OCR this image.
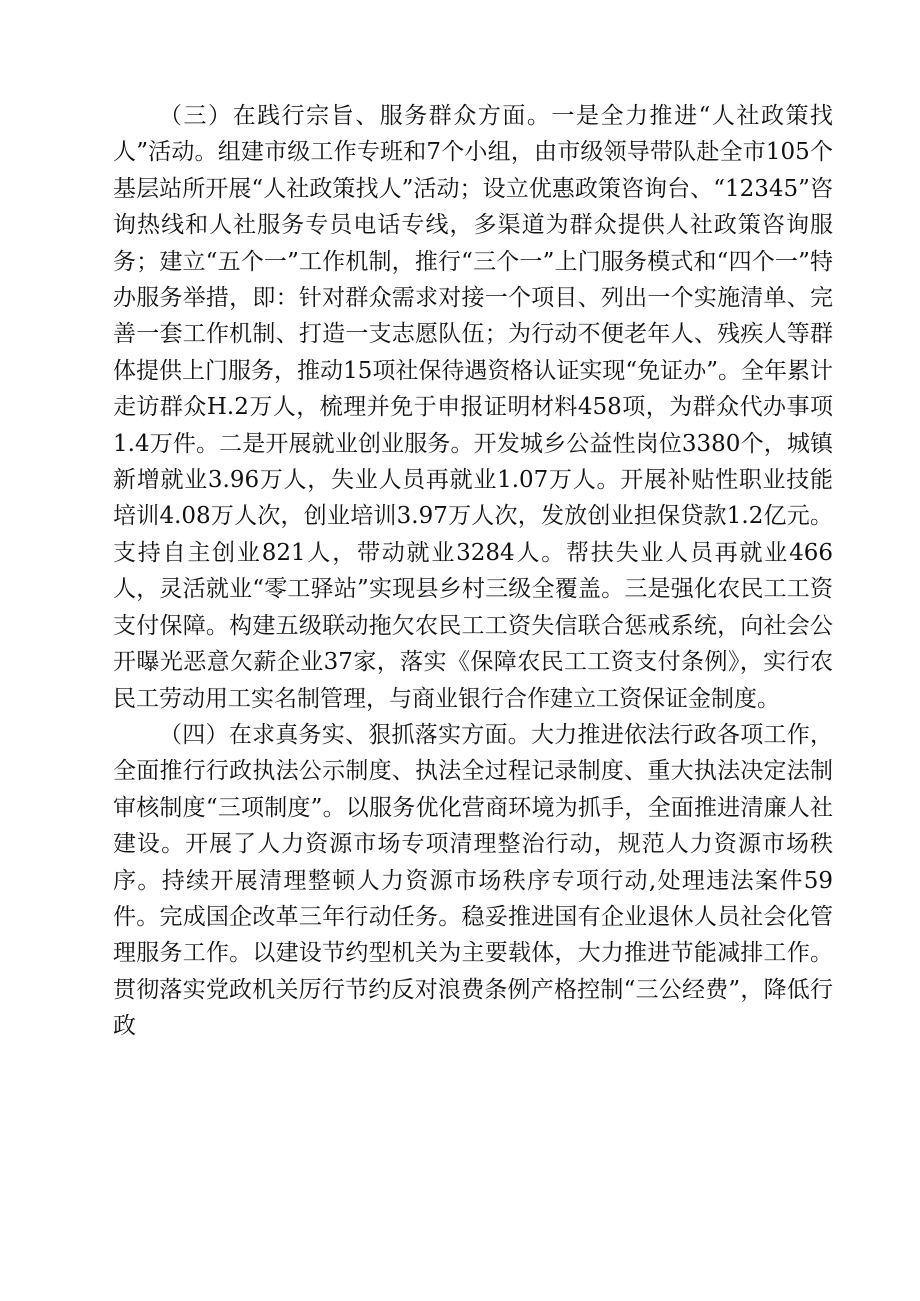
（三）在践行宗旨、服务群众方面。一是全力推进“人社政策找人”活动。组建市级工作专班和7个小组，由市级领导带队赴全市105个基层站所开展“人社政策找人”活动；设立优惠政策咨询台、“12345”咨询热线和人社服务专员电话专线，多渠道为群众提供人社政策咨询服务；建立“五个一”工作机制，推行“三个一”上门服务模式和“四个一”特办服务举措，即：针对群众需求对接一个项目、列出一个实施清单、完善一套工作机制、打造一支志愿队伍；为行动不便老年人、残疾人等群体提供上门服务，推动15项社保待遇资格认证实现“免证办”。全年累计走访群众H.2万人，梳理并免于申报证明材料458项，为群众代办事项1.4万件。二是开展就业创业服务。开发城乡公益性岗位3380个，城镇新增就业3.96万人，失业人员再就业1.07万人。开展补贴性职业技能培训4.08万人次，创业培训3.97万人次，发放创业担保贷款1.2亿元。支持自主创业821人，带动就业3284人。帮扶失业人员再就业466人，灵活就业“零工驿站”实现县乡村三级全覆盖。三是强化农民工工资支付保障。构建五级联动拖欠农民工工资失信联合惩戒系统，向社会公开曝光恶意欠薪企业37家，落实《保障农民工工资支付条例》，实行农民工劳动用工实名制管理，与商业银行合作建立工资保证金制度。

（四）在求真务实、狠抓落实方面。大力推进依法行政各项工作，全面推行行政执法公示制度、执法全过程记录制度、重大执法决定法制审核制度“三项制度”。以服务优化营商环境为抓手，全面推进清廉人社建设。开展了人力资源市场专项清理整治行动，规范人力资源市场秩序。持续开展清理整顿人力资源市场秩序专项行动,处理违法案件59件。完成国企改革三年行动任务。稳妥推进国有企业退休人员社会化管理服务工作。以建设节约型机关为主要载体，大力推进节能减排工作。贯彻落实党政机关厉行节约反对浪费条例产格控制“三公经费”，降低行政
